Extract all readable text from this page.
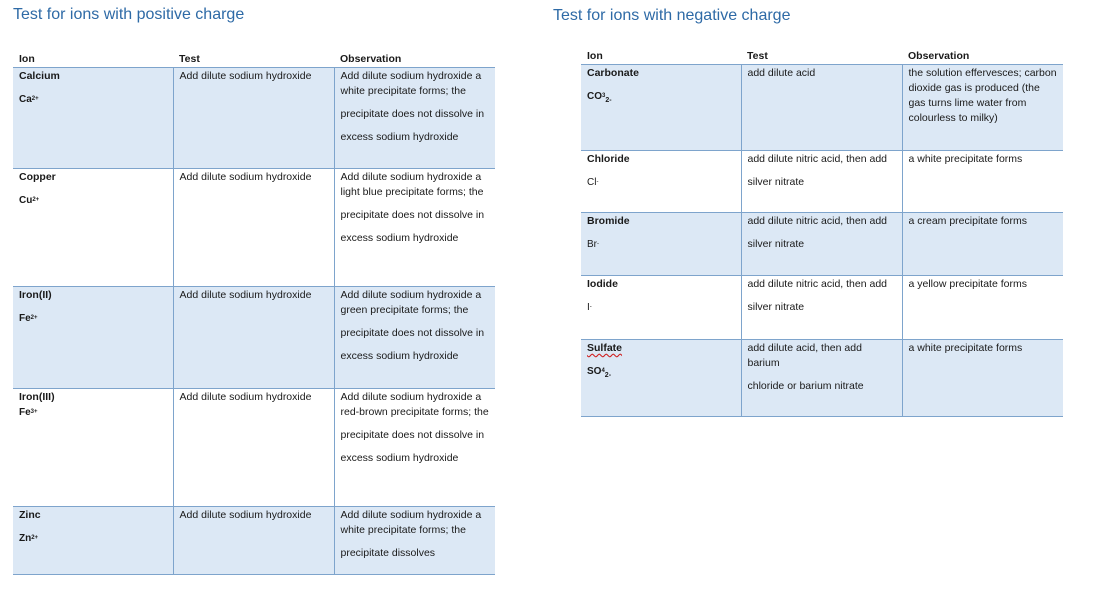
Test for ions with positive charge	Test for ions with negative charge
Ion	Test	Observation

Calcium
$Ca^{2+}$	Add dilute sodium hydroxide	Add dilute sodium hydroxide a white precipitate forms; the
precipitate does not dissolve in
excess sodium hydroxide

Copper
$Cu^{2+}$	Add dilute sodium hydroxide	Add dilute sodium hydroxide a light blue precipitate forms; the
precipitate does not dissolve in
excess sodium hydroxide

Iron(II)
$Fe^{2+}$	Add dilute sodium hydroxide	Add dilute sodium hydroxide a green precipitate forms; the
precipitate does not dissolve in
excess sodium hydroxide

Iron(III)
$Fe^{3+}$	Add dilute sodium hydroxide	Add dilute sodium hydroxide a red-brown precipitate forms; the
precipitate does not dissolve in
excess sodium hydroxide

Zinc
$Zn^{2+}$	Add dilute sodium hydroxide	Add dilute sodium hydroxide a white precipitate forms; the
precipitate dissolves
Ion	Test	Observation

Carbonate
$CO^3_{2-}$	add dilute acid	the solution effervesces; carbon dioxide gas is produced (the gas turns lime water from colourless to milky)

Chloride
Cl-	add dilute nitric acid, then add
silver nitrate	a white precipitate forms

Bromide
Br-	add dilute nitric acid, then add
silver nitrate	a cream precipitate forms

Iodide
I-	add dilute nitric acid, then add
silver nitrate	a yellow precipitate forms

Sulfate
$SO^4_{2-}$	add dilute acid, then add barium
chloride or barium nitrate	a white precipitate forms
